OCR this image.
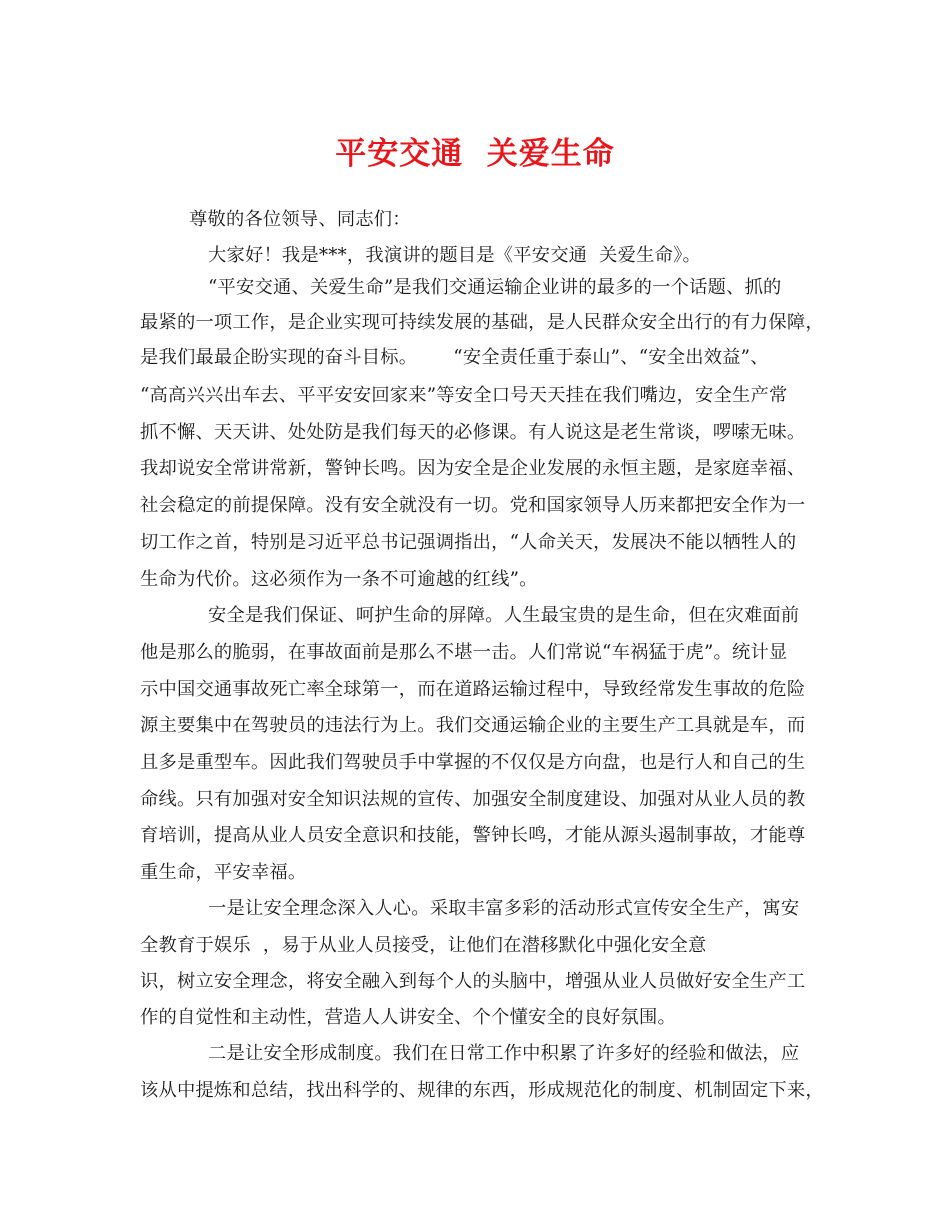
平安交通  关爱生命
尊敬的各位领导、同志们：
大家好！我是***，我演讲的题目是《平安交通  关爱生命》。
“平安交通、关爱生命”是我们交通运输企业讲的最多的一个话题、抓的
最紧的一项工作，是企业实现可持续发展的基础，是人民群众安全出行的有力保障，
是我们最最企盼实现的奋斗目标。      “安全责任重于泰山”、“安全出效益”、
“高高兴兴出车去、平平安安回家来”等安全口号天天挂在我们嘴边，安全生产常
抓不懈、天天讲、处处防是我们每天的必修课。有人说这是老生常谈，啰嗦无味。
我却说安全常讲常新，警钟长鸣。因为安全是企业发展的永恒主题，是家庭幸福、
社会稳定的前提保障。没有安全就没有一切。党和国家领导人历来都把安全作为一
切工作之首，特别是习近平总书记强调指出，“人命关天，发展决不能以牺牲人的
生命为代价。这必须作为一条不可逾越的红线”。
安全是我们保证、呵护生命的屏障。人生最宝贵的是生命，但在灾难面前
他是那么的脆弱，在事故面前是那么不堪一击。人们常说“车祸猛于虎”。统计显
示中国交通事故死亡率全球第一，而在道路运输过程中，导致经常发生事故的危险
源主要集中在驾驶员的违法行为上。我们交通运输企业的主要生产工具就是车，而
且多是重型车。因此我们驾驶员手中掌握的不仅仅是方向盘，也是行人和自己的生
命线。只有加强对安全知识法规的宣传、加强安全制度建设、加强对从业人员的教
育培训，提高从业人员安全意识和技能，警钟长鸣，才能从源头遏制事故，才能尊
重生命，平安幸福。
一是让安全理念深入人心。采取丰富多彩的活动形式宣传安全生产，寓安
全教育于娱乐  ，易于从业人员接受，让他们在潜移默化中强化安全意
识，树立安全理念，将安全融入到每个人的头脑中，增强从业人员做好安全生产工
作的自觉性和主动性，营造人人讲安全、个个懂安全的良好氛围。
二是让安全形成制度。我们在日常工作中积累了许多好的经验和做法，应
该从中提炼和总结，找出科学的、规律的东西，形成规范化的制度、机制固定下来，
